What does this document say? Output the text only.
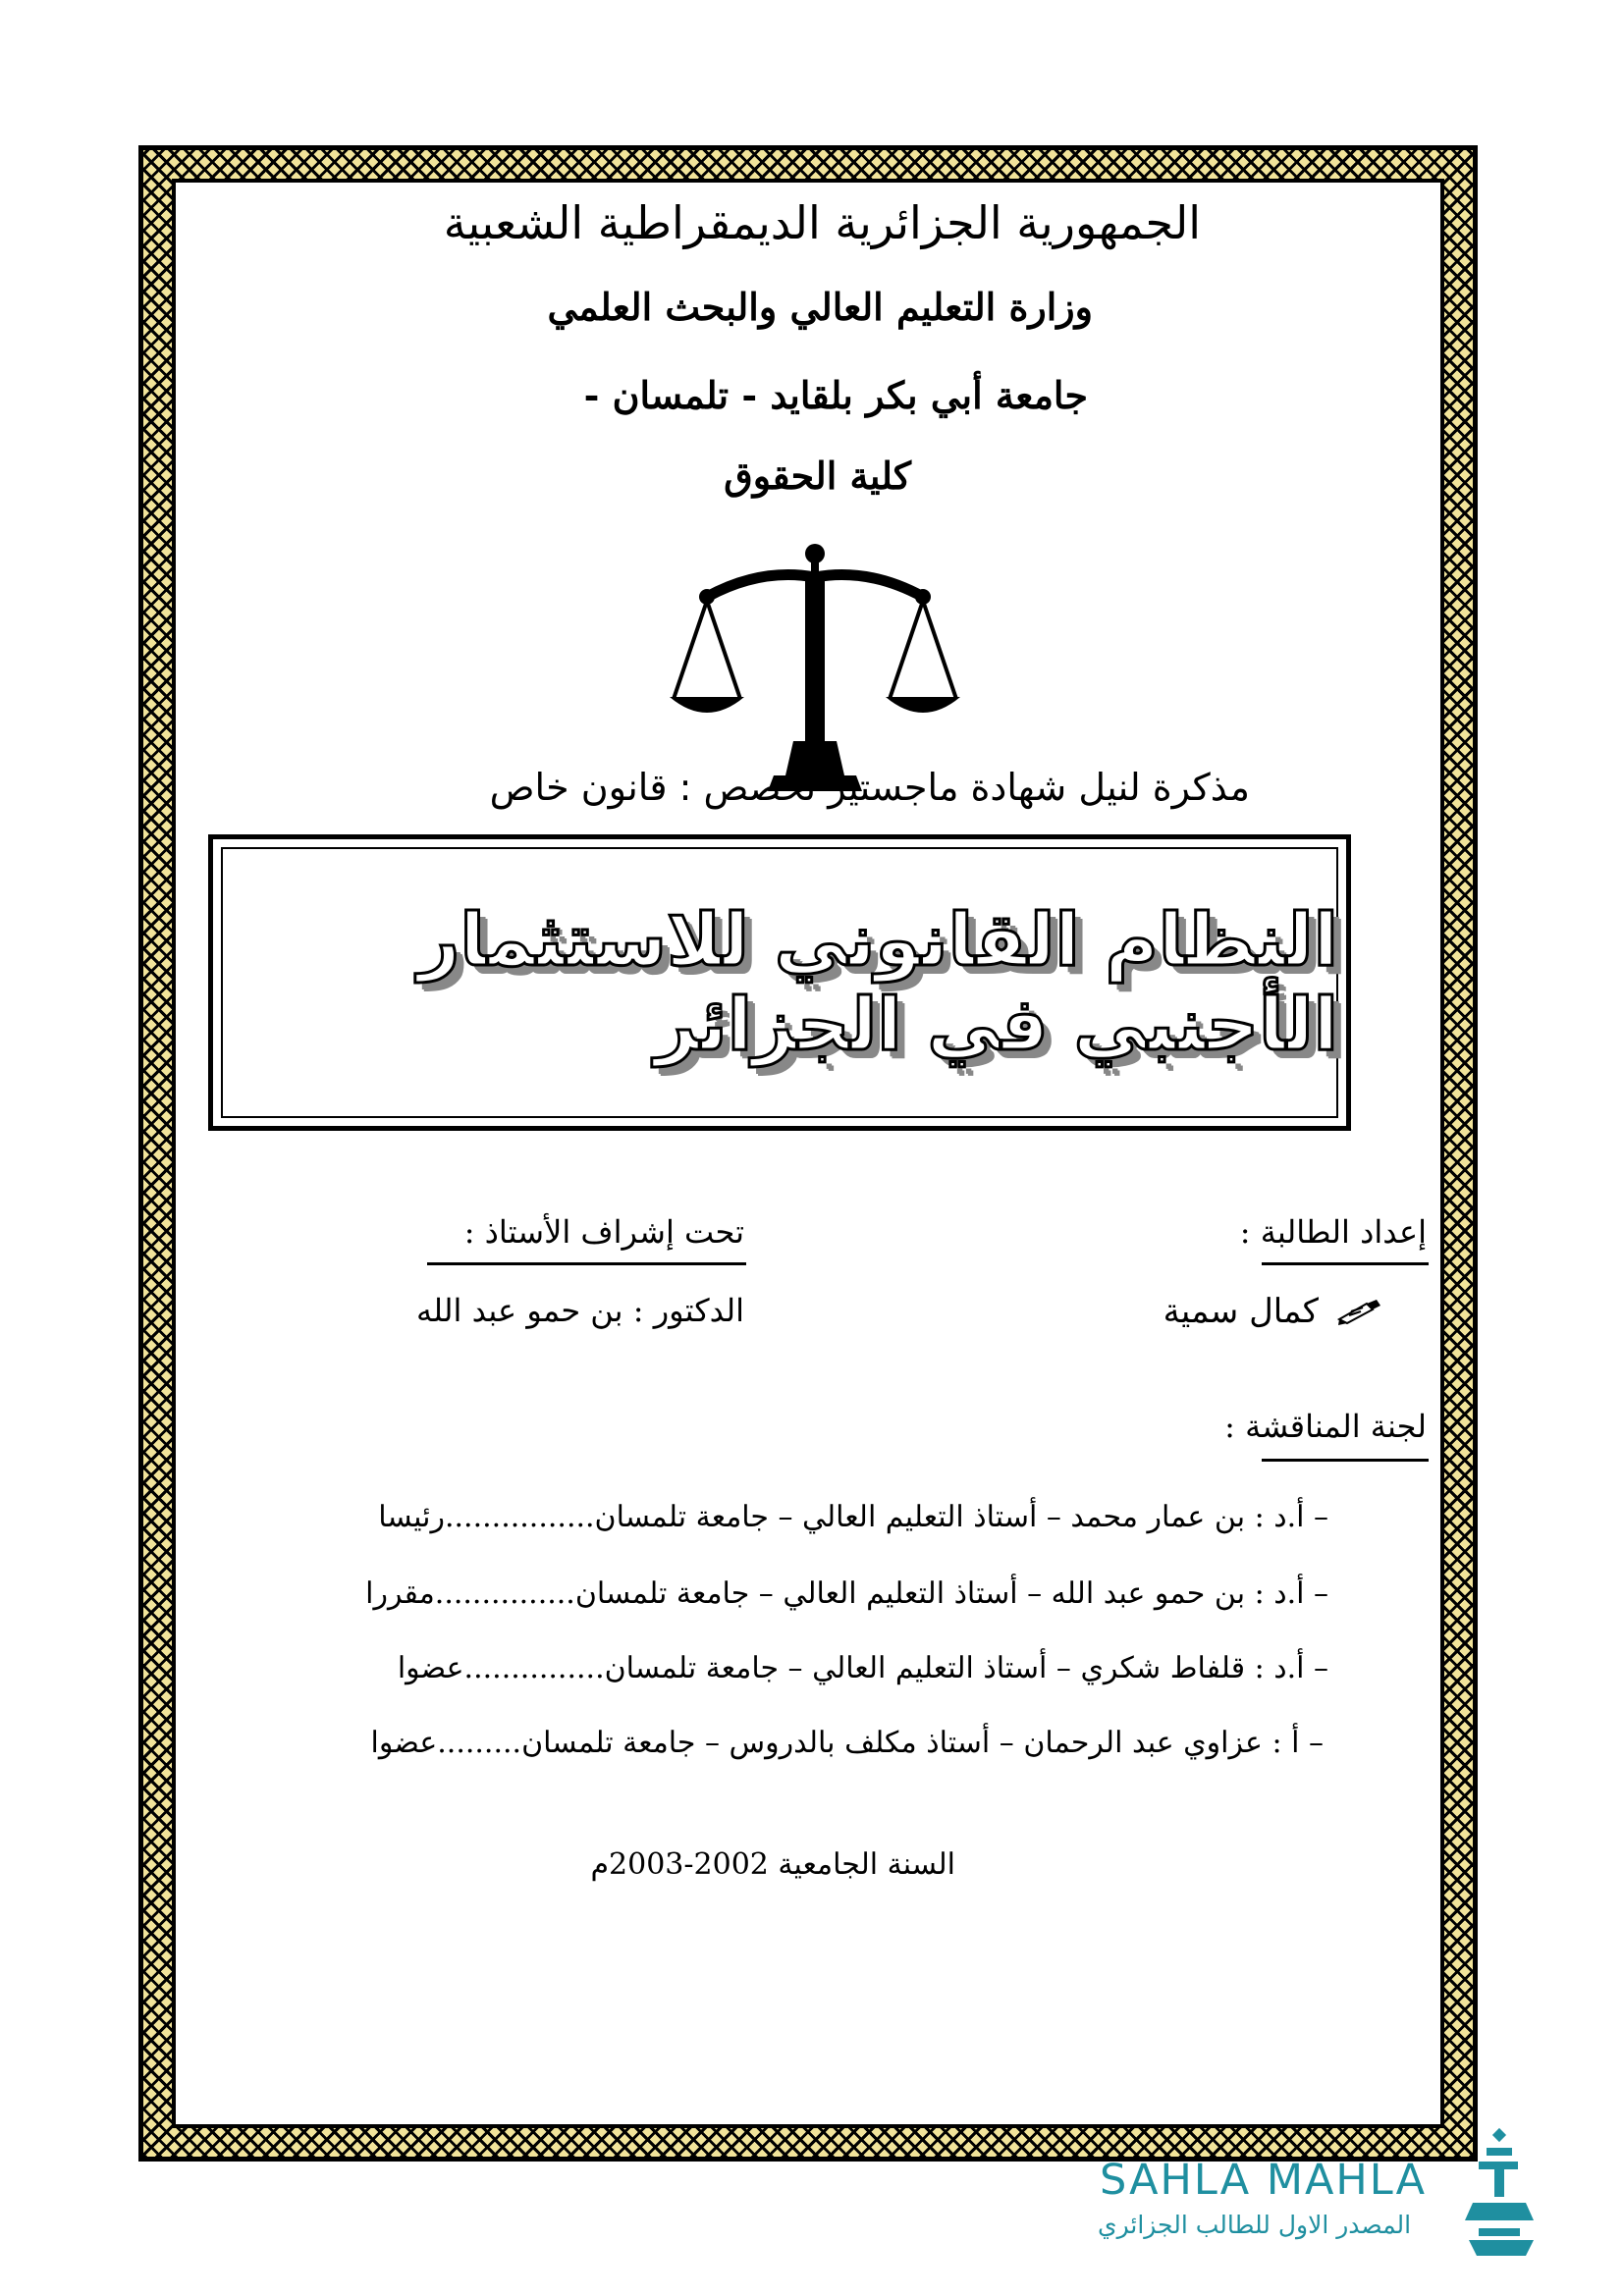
الجمهورية الجزائرية الديمقراطية الشعبية
وزارة التعليم العالي والبحث العلمي
جامعة أبي بكر بلقايد - تلمسان -
كلية الحقوق
مذكرة لنيل شهادة ماجستير تخصص : قانون خاص
النظام القانوني للاستثمار الأجنبي في الجزائر
إعداد الطالبة :
تحت إشراف الأستاذ :
كمال سمية
الدكتور : بن حمو عبد الله
لجنة المناقشة :
– أ.د : بن عمار محمد – أستاذ التعليم العالي – جامعة تلمسان................رئيسا
– أ.د : بن حمو عبد الله – أستاذ التعليم العالي – جامعة تلمسان...............مقررا
– أ.د : قلفاط شكري – أستاذ التعليم العالي – جامعة تلمسان...............عضوا
– أ : عزاوي عبد الرحمان – أستاذ مكلف بالدروس – جامعة تلمسان.........عضوا
السنة الجامعية 2002-2003م
SAHLA MAHLA
المصدر الاول للطالب الجزائري
